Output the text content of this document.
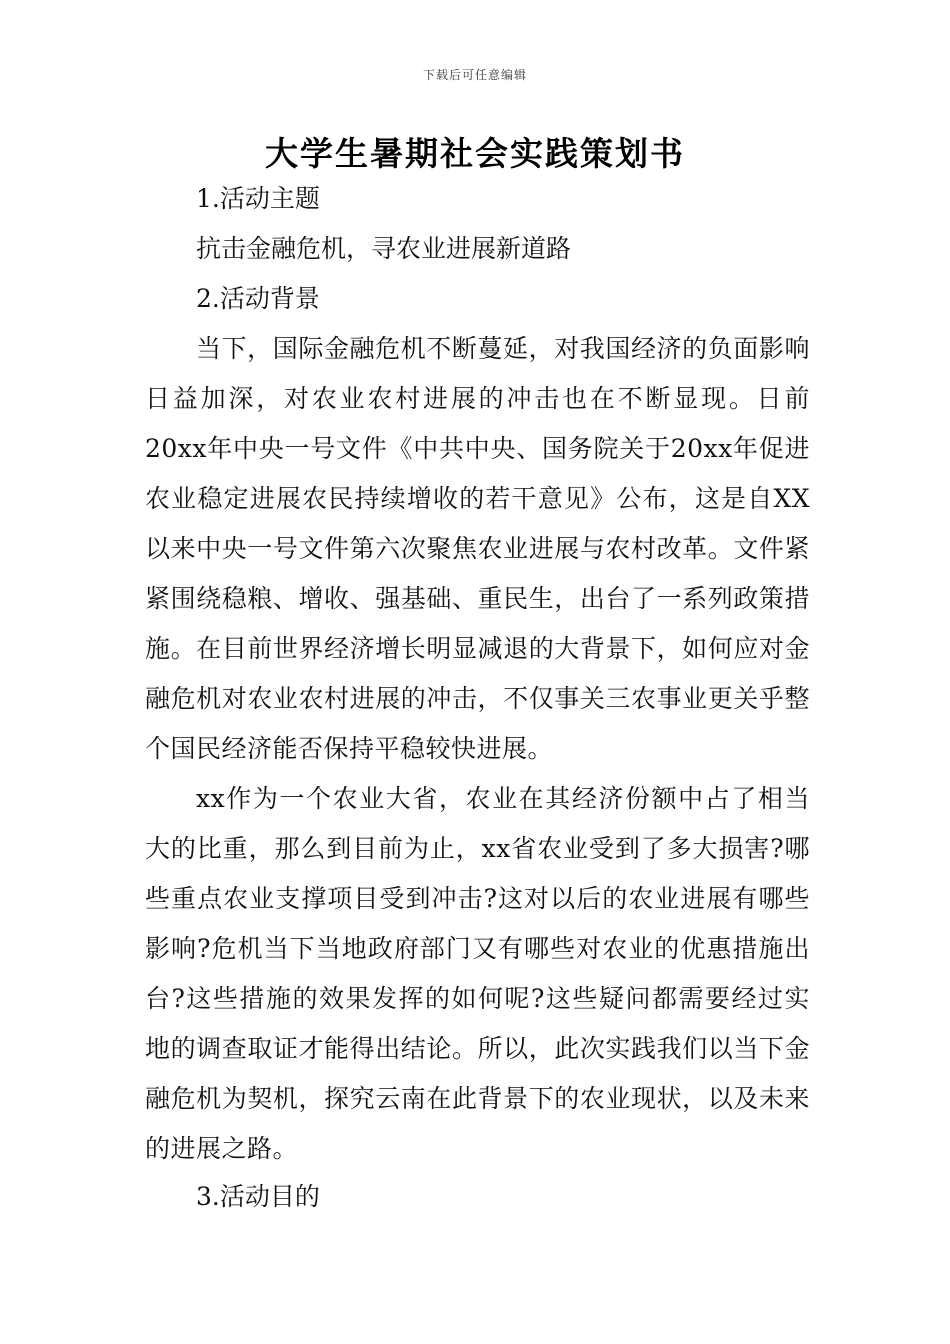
下载后可任意编辑
大学生暑期社会实践策划书
1.活动主题
抗击金融危机，寻农业进展新道路
2.活动背景
当下，国际金融危机不断蔓延，对我国经济的负面影响日益加深，对农业农村进展的冲击也在不断显现。日前20xx年中央一号文件《中共中央、国务院关于20xx年促进农业稳定进展农民持续增收的若干意见》公布，这是自XX以来中央一号文件第六次聚焦农业进展与农村改革。文件紧紧围绕稳粮、增收、强基础、重民生，出台了一系列政策措施。在目前世界经济增长明显减退的大背景下，如何应对金融危机对农业农村进展的冲击，不仅事关三农事业更关乎整个国民经济能否保持平稳较快进展。
xx作为一个农业大省，农业在其经济份额中占了相当大的比重，那么到目前为止，xx省农业受到了多大损害?哪些重点农业支撑项目受到冲击?这对以后的农业进展有哪些影响?危机当下当地政府部门又有哪些对农业的优惠措施出台?这些措施的效果发挥的如何呢?这些疑问都需要经过实地的调查取证才能得出结论。所以，此次实践我们以当下金融危机为契机，探究云南在此背景下的农业现状，以及未来的进展之路。
3.活动目的
